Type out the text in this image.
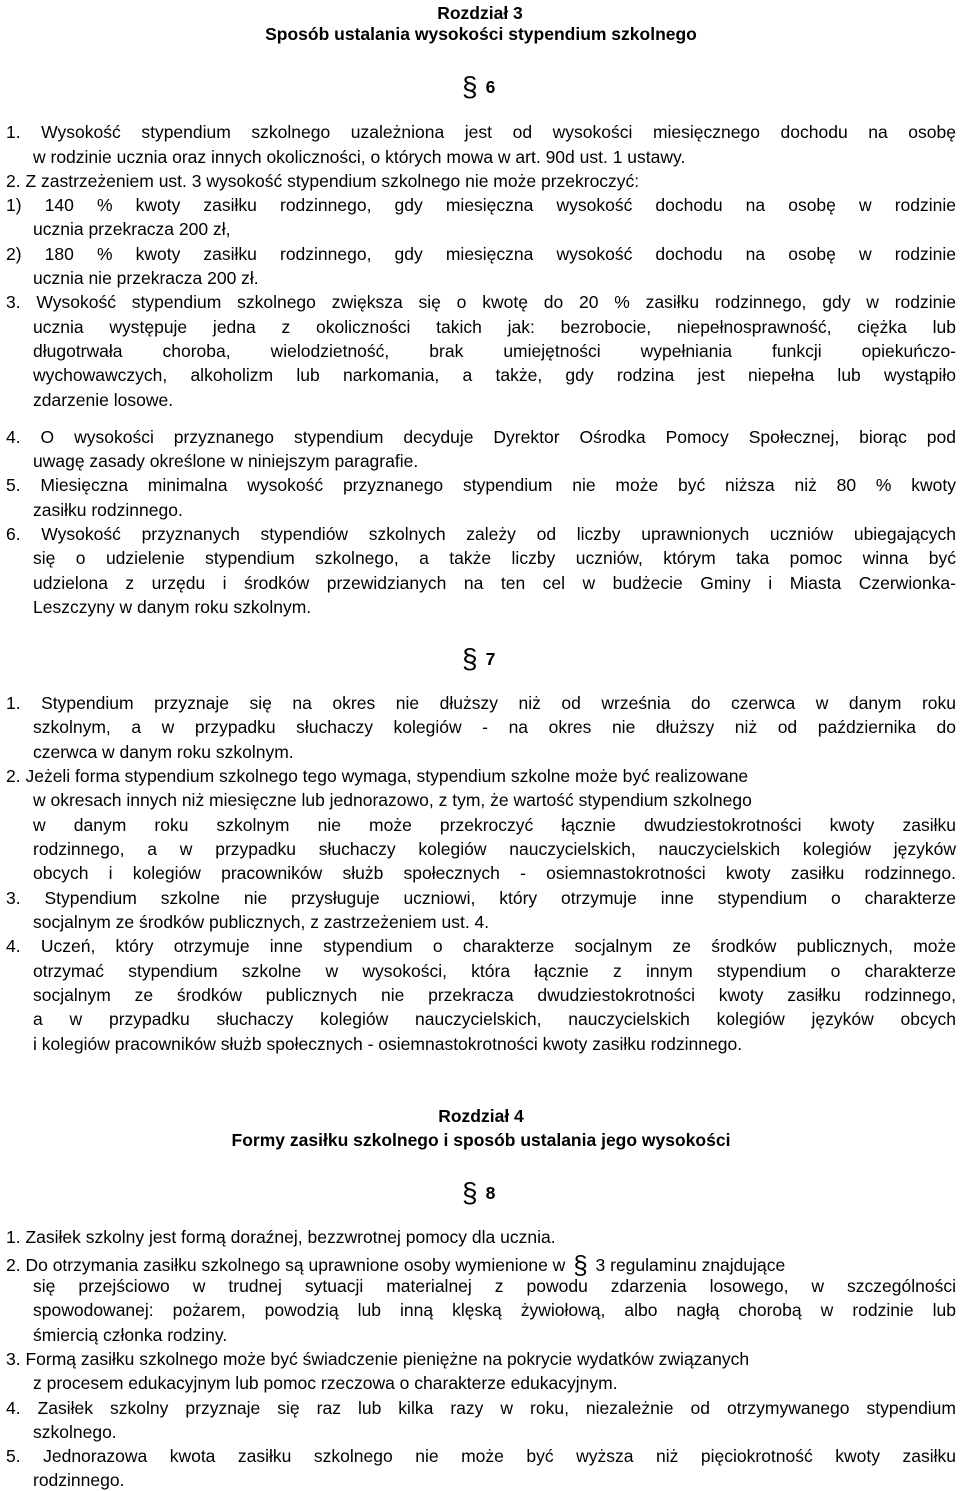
Rozdział 3
Sposób ustalania wysokości stypendium szkolnego
§ 6
1. Wysokość stypendium szkolnego uzależniona jest od wysokości miesięcznego dochodu na osobę
w rodzinie ucznia oraz innych okoliczności, o których mowa w art. 90d ust. 1 ustawy.
2. Z zastrzeżeniem ust. 3 wysokość stypendium szkolnego nie może przekroczyć:
1) 140 % kwoty zasiłku rodzinnego, gdy miesięczna wysokość dochodu na osobę w rodzinie
ucznia przekracza 200 zł,
2) 180 % kwoty zasiłku rodzinnego, gdy miesięczna wysokość dochodu na osobę w rodzinie
ucznia nie przekracza 200 zł.
3. Wysokość stypendium szkolnego zwiększa się o kwotę do 20 % zasiłku rodzinnego, gdy w rodzinie
ucznia występuje jedna z okoliczności takich jak: bezrobocie, niepełnosprawność, ciężka lub
długotrwała choroba, wielodzietność, brak umiejętności wypełniania funkcji opiekuńczo-
wychowawczych, alkoholizm lub narkomania, a także, gdy rodzina jest niepełna lub wystąpiło
zdarzenie losowe.
4. O wysokości przyznanego stypendium decyduje Dyrektor Ośrodka Pomocy Społecznej, biorąc pod
uwagę zasady określone w niniejszym paragrafie.
5. Miesięczna minimalna wysokość przyznanego stypendium nie może być niższa niż 80 % kwoty
zasiłku rodzinnego.
6. Wysokość przyznanych stypendiów szkolnych zależy od liczby uprawnionych uczniów ubiegających
się o udzielenie stypendium szkolnego, a także liczby uczniów, którym taka pomoc winna być
udzielona z urzędu i środków przewidzianych na ten cel w budżecie Gminy i Miasta Czerwionka-
Leszczyny w danym roku szkolnym.
§ 7
1. Stypendium przyznaje się na okres nie dłuższy niż od września do czerwca w danym roku
szkolnym, a w przypadku słuchaczy kolegiów - na okres nie dłuższy niż od października do
czerwca w danym roku szkolnym.
2. Jeżeli forma stypendium szkolnego tego wymaga, stypendium szkolne może być realizowane
w okresach innych niż miesięczne lub jednorazowo, z tym, że wartość stypendium szkolnego
w danym roku szkolnym nie może przekroczyć łącznie dwudziestokrotności kwoty zasiłku
rodzinnego, a w przypadku słuchaczy kolegiów nauczycielskich, nauczycielskich kolegiów języków
obcych i kolegiów pracowników służb społecznych - osiemnastokrotności kwoty zasiłku rodzinnego.
3. Stypendium szkolne nie przysługuje uczniowi, który otrzymuje inne stypendium o charakterze
socjalnym ze środków publicznych, z zastrzeżeniem ust. 4.
4. Uczeń, który otrzymuje inne stypendium o charakterze socjalnym ze środków publicznych, może
otrzymać stypendium szkolne w wysokości, która łącznie z innym stypendium o charakterze
socjalnym ze środków publicznych nie przekracza dwudziestokrotności kwoty zasiłku rodzinnego,
a w przypadku słuchaczy kolegiów nauczycielskich, nauczycielskich kolegiów języków obcych
i kolegiów pracowników służb społecznych - osiemnastokrotności kwoty zasiłku rodzinnego.
Rozdział 4
Formy zasiłku szkolnego i sposób ustalania jego wysokości
§ 8
1. Zasiłek szkolny jest formą doraźnej, bezzwrotnej pomocy dla ucznia.
2. Do otrzymania zasiłku szkolnego są uprawnione osoby wymienione w § 3 regulaminu znajdujące
się przejściowo w trudnej sytuacji materialnej z powodu zdarzenia losowego, w szczególności
spowodowanej: pożarem, powodzią lub inną klęską żywiołową, albo nagłą chorobą w rodzinie lub
śmiercią członka rodziny.
3. Formą zasiłku szkolnego może być świadczenie pieniężne na pokrycie wydatków związanych
z procesem edukacyjnym lub pomoc rzeczowa o charakterze edukacyjnym.
4. Zasiłek szkolny przyznaje się raz lub kilka razy w roku, niezależnie od otrzymywanego stypendium
szkolnego.
5. Jednorazowa kwota zasiłku szkolnego nie może być wyższa niż pięciokrotność kwoty zasiłku
rodzinnego.
